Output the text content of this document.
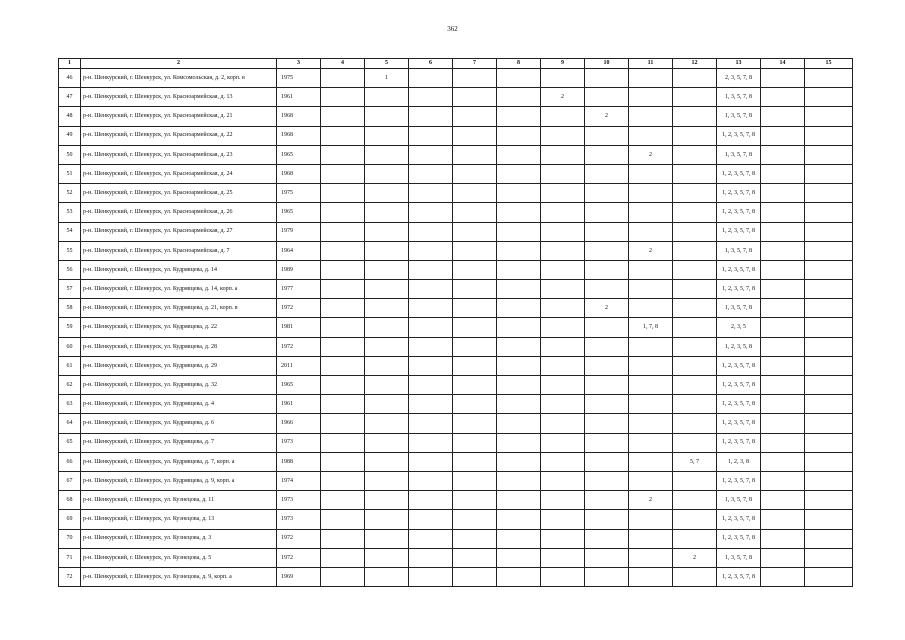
362
1	2	3	4	5	6	7	8	9	10	11	12	13	14	15
46	р-н. Шенкурский, г. Шенкурск, ул. Комсомольская, д. 2, корп. в	1975		1								2, 3, 5, 7, 8		
47	р-н. Шенкурский, г. Шенкурск, ул. Красноармейская, д. 13	1961						2				1, 3, 5, 7, 8		
48	р-н. Шенкурский, г. Шенкурск, ул. Красноармейская, д. 21	1968							2			1, 3, 5, 7, 8		
49	р-н. Шенкурский, г. Шенкурск, ул. Красноармейская, д. 22	1968										1, 2, 3, 5, 7, 8		
50	р-н. Шенкурский, г. Шенкурск, ул. Красноармейская, д. 23	1965								2		1, 3, 5, 7, 8		
51	р-н. Шенкурский, г. Шенкурск, ул. Красноармейская, д. 24	1968										1, 2, 3, 5, 7, 8		
52	р-н. Шенкурский, г. Шенкурск, ул. Красноармейская, д. 25	1975										1, 2, 3, 5, 7, 8		
53	р-н. Шенкурский, г. Шенкурск, ул. Красноармейская, д. 26	1965										1, 2, 3, 5, 7, 8		
54	р-н. Шенкурский, г. Шенкурск, ул. Красноармейская, д. 27	1979										1, 2, 3, 5, 7, 8		
55	р-н. Шенкурский, г. Шенкурск, ул. Красноармейская, д. 7	1964								2		1, 3, 5, 7, 8		
56	р-н. Шенкурский, г. Шенкурск, ул. Кудрявцева, д. 14	1989										1, 2, 3, 5, 7, 8		
57	р-н. Шенкурский, г. Шенкурск, ул. Кудрявцева, д. 14, корп. а	1977										1, 2, 3, 5, 7, 8		
58	р-н. Шенкурский, г. Шенкурск, ул. Кудрявцева, д. 21, корп. в	1972							2			1, 3, 5, 7, 8		
59	р-н. Шенкурский, г. Шенкурск, ул. Кудрявцева, д. 22	1981								1, 7, 8		2, 3, 5		
60	р-н. Шенкурский, г. Шенкурск, ул. Кудрявцева, д. 28	1972										1, 2, 3, 5, 8		
61	р-н. Шенкурский, г. Шенкурск, ул. Кудрявцева, д. 29	2011										1, 2, 3, 5, 7, 8		
62	р-н. Шенкурский, г. Шенкурск, ул. Кудрявцева, д. 32	1965										1, 2, 3, 5, 7, 8		
63	р-н. Шенкурский, г. Шенкурск, ул. Кудрявцева, д. 4	1961										1, 2, 3, 5, 7, 8		
64	р-н. Шенкурский, г. Шенкурск, ул. Кудрявцева, д. 6	1966										1, 2, 3, 5, 7, 8		
65	р-н. Шенкурский, г. Шенкурск, ул. Кудрявцева, д. 7	1973										1, 2, 3, 5, 7, 8		
66	р-н. Шенкурский, г. Шенкурск, ул. Кудрявцева, д. 7, корп. а	1988									5, 7	1, 2, 3, 8		
67	р-н. Шенкурский, г. Шенкурск, ул. Кудрявцева, д. 9, корп. а	1974										1, 2, 3, 5, 7, 8		
68	р-н. Шенкурский, г. Шенкурск, ул. Кузнецова, д. 11	1973								2		1, 3, 5, 7, 8		
69	р-н. Шенкурский, г. Шенкурск, ул. Кузнецова, д. 13	1973										1, 2, 3, 5, 7, 8		
70	р-н. Шенкурский, г. Шенкурск, ул. Кузнецова, д. 3	1972										1, 2, 3, 5, 7, 8		
71	р-н. Шенкурский, г. Шенкурск, ул. Кузнецова, д. 5	1972									2	1, 3, 5, 7, 8		
72	р-н. Шенкурский, г. Шенкурск, ул. Кузнецова, д. 9, корп. а	1969										1, 2, 3, 5, 7, 8		
